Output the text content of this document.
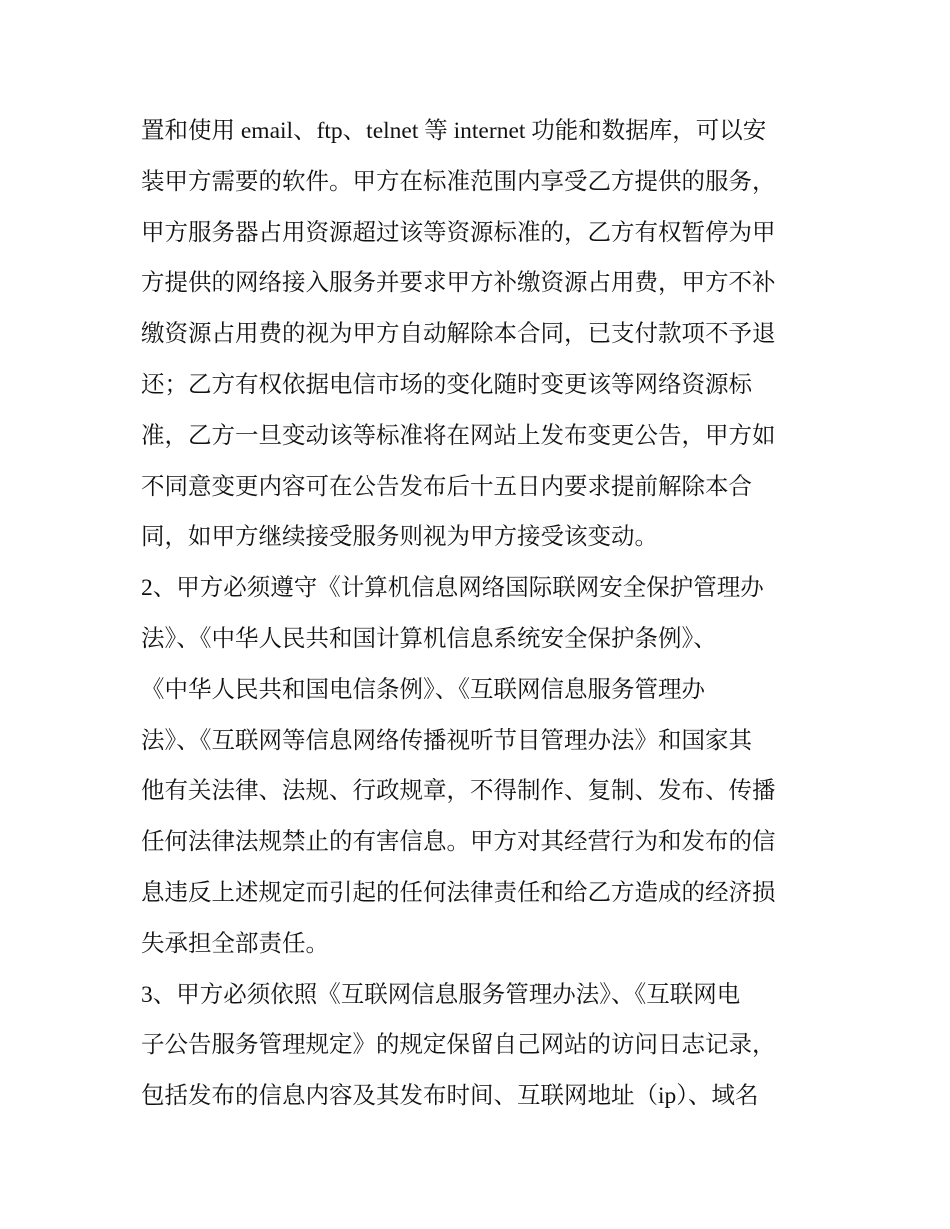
置和使用 email、ftp、telnet 等 internet 功能和数据库，可以安
装甲方需要的软件。甲方在标准范围内享受乙方提供的服务，
甲方服务器占用资源超过该等资源标准的，乙方有权暂停为甲
方提供的网络接入服务并要求甲方补缴资源占用费，甲方不补
缴资源占用费的视为甲方自动解除本合同，已支付款项不予退
还；乙方有权依据电信市场的变化随时变更该等网络资源标
准，乙方一旦变动该等标准将在网站上发布变更公告，甲方如
不同意变更内容可在公告发布后十五日内要求提前解除本合
同，如甲方继续接受服务则视为甲方接受该变动。
2、甲方必须遵守《计算机信息网络国际联网安全保护管理办
法》、《中华人民共和国计算机信息系统安全保护条例》、
《中华人民共和国电信条例》、《互联网信息服务管理办
法》、《互联网等信息网络传播视听节目管理办法》和国家其
他有关法律、法规、行政规章，不得制作、复制、发布、传播
任何法律法规禁止的有害信息。甲方对其经营行为和发布的信
息违反上述规定而引起的任何法律责任和给乙方造成的经济损
失承担全部责任。
3、甲方必须依照《互联网信息服务管理办法》、《互联网电
子公告服务管理规定》的规定保留自己网站的访问日志记录，
包括发布的信息内容及其发布时间、互联网地址（ip）、域名
